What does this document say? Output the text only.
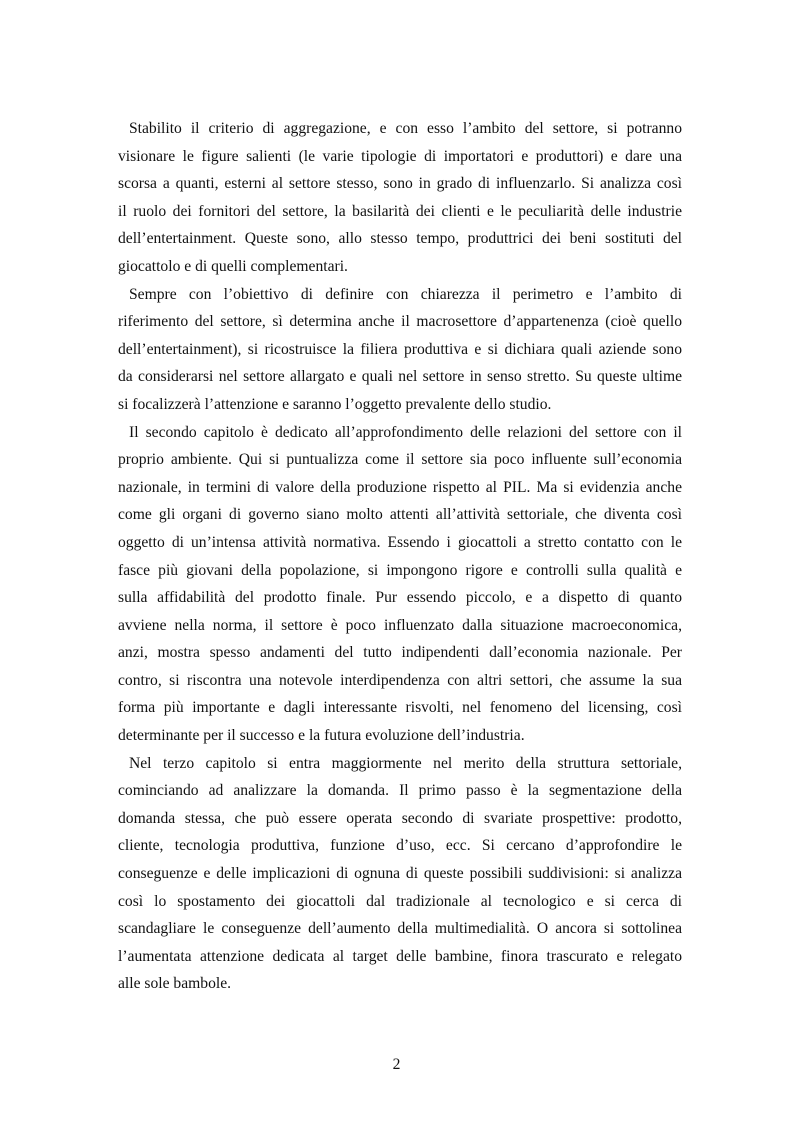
Stabilito il criterio di aggregazione, e con esso l’ambito del settore, si potranno
visionare le figure salienti (le varie tipologie di importatori e produttori) e dare una
scorsa a quanti, esterni al settore stesso, sono in grado di influenzarlo. Si analizza così
il ruolo dei fornitori del settore, la basilarità dei clienti e le peculiarità delle industrie
dell’entertainment. Queste sono, allo stesso tempo, produttrici dei beni sostituti del
giocattolo e di quelli complementari.
Sempre con l’obiettivo di definire con chiarezza il perimetro e l’ambito di
riferimento del settore, sì determina anche il macrosettore d’appartenenza (cioè quello
dell’entertainment), si ricostruisce la filiera produttiva e si dichiara quali aziende sono
da considerarsi nel settore allargato e quali nel settore in senso stretto. Su queste ultime
si focalizzerà l’attenzione e saranno l’oggetto prevalente dello studio.
Il secondo capitolo è dedicato all’approfondimento delle relazioni del settore con il
proprio ambiente. Qui si puntualizza come il settore sia poco influente sull’economia
nazionale, in termini di valore della produzione rispetto al PIL. Ma si evidenzia anche
come gli organi di governo siano molto attenti all’attività settoriale, che diventa così
oggetto di un’intensa attività normativa. Essendo i giocattoli a stretto contatto con le
fasce più giovani della popolazione, si impongono rigore e controlli sulla qualità e
sulla affidabilità del prodotto finale. Pur essendo piccolo, e a dispetto di quanto
avviene nella norma, il settore è poco influenzato dalla situazione macroeconomica,
anzi, mostra spesso andamenti del tutto indipendenti dall’economia nazionale. Per
contro, si riscontra una notevole interdipendenza con altri settori, che assume la sua
forma più importante e dagli interessante risvolti, nel fenomeno del licensing, così
determinante per il successo e la futura evoluzione dell’industria.
Nel terzo capitolo si entra maggiormente nel merito della struttura settoriale,
cominciando ad analizzare la domanda. Il primo passo è la segmentazione della
domanda stessa, che può essere operata secondo di svariate prospettive: prodotto,
cliente, tecnologia produttiva, funzione d’uso, ecc. Si cercano d’approfondire le
conseguenze e delle implicazioni di ognuna di queste possibili suddivisioni: si analizza
così lo spostamento dei giocattoli dal tradizionale al tecnologico e si cerca di
scandagliare le conseguenze dell’aumento della multimedialità. O ancora si sottolinea
l’aumentata attenzione dedicata al target delle bambine, finora trascurato e relegato
alle sole bambole.
2
